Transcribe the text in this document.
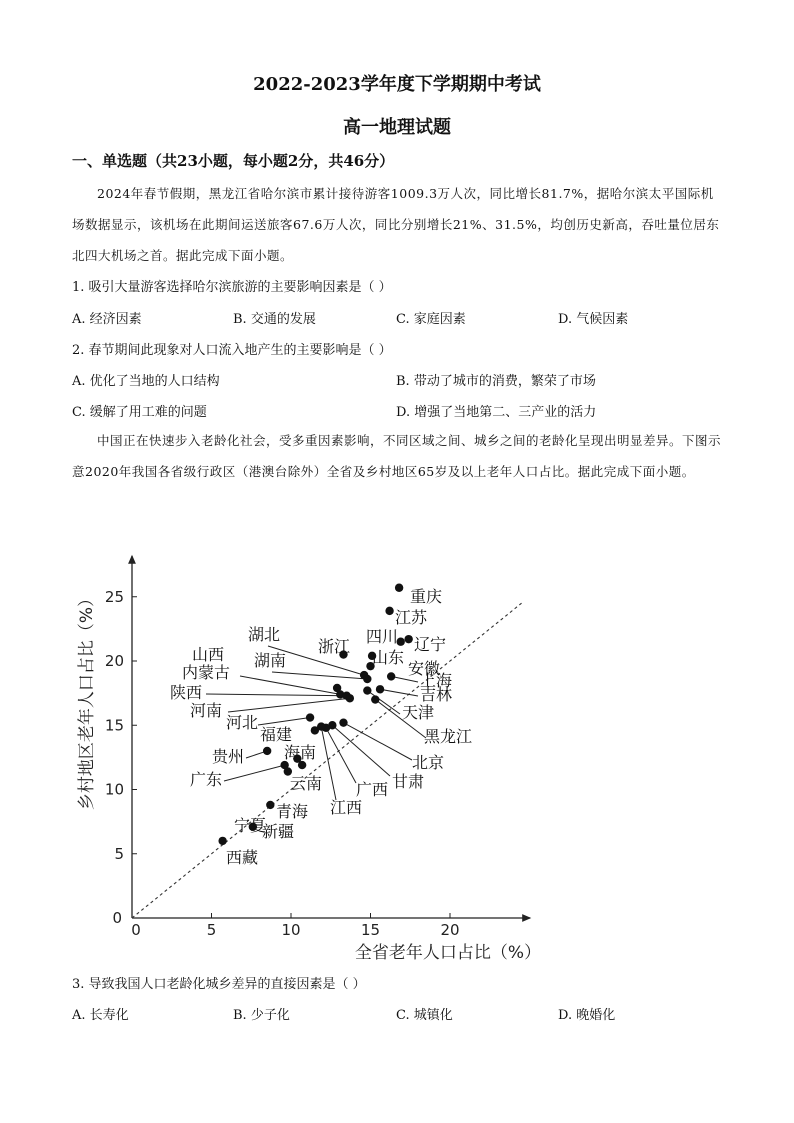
2022-2023学年度下学期期中考试
高一地理试题
一、单选题（共23小题，每小题2分，共46分）
2024年春节假期，黑龙江省哈尔滨市累计接待游客1009.3万人次，同比增长81.7%，据哈尔滨太平国际机场数据显示，该机场在此期间运送旅客67.6万人次，同比分别增长21%、31.5%，均创历史新高，吞吐量位居东北四大机场之首。据此完成下面小题。
1. 吸引大量游客选择哈尔滨旅游的主要影响因素是（ ）
A. 经济因素	B. 交通的发展	C. 家庭因素	D. 气候因素
2. 春节期间此现象对人口流入地产生的主要影响是（ ）
A. 优化了当地的人口结构	B. 带动了城市的消费，繁荣了市场
C. 缓解了用工难的问题	D. 增强了当地第二、三产业的活力
中国正在快速步入老龄化社会，受多重因素影响，不同区域之间、城乡之间的老龄化呈现出明显差异。下图示意2020年我国各省级行政区（港澳台除外）全省及乡村地区65岁及以上老年人口占比。据此完成下面小题。
0	5	10	15	20
0
5
10
15
20
25
全省老年人口占比（%）
乡村地区老年人口占比（%）	重庆
江苏
四川 辽宁
浙江
山东
安徽
湖北
湖南
上海
吉林
山西
内蒙古
陕西
河南	天津
黑龙江
河北
福建
北京
甘肃
广西
江西
贵州 海南
云南
广东
宁夏
青海
新疆
西藏
3. 导致我国人口老龄化城乡差异的直接因素是（ ）
A. 长寿化	B. 少子化	C. 城镇化	D. 晚婚化
